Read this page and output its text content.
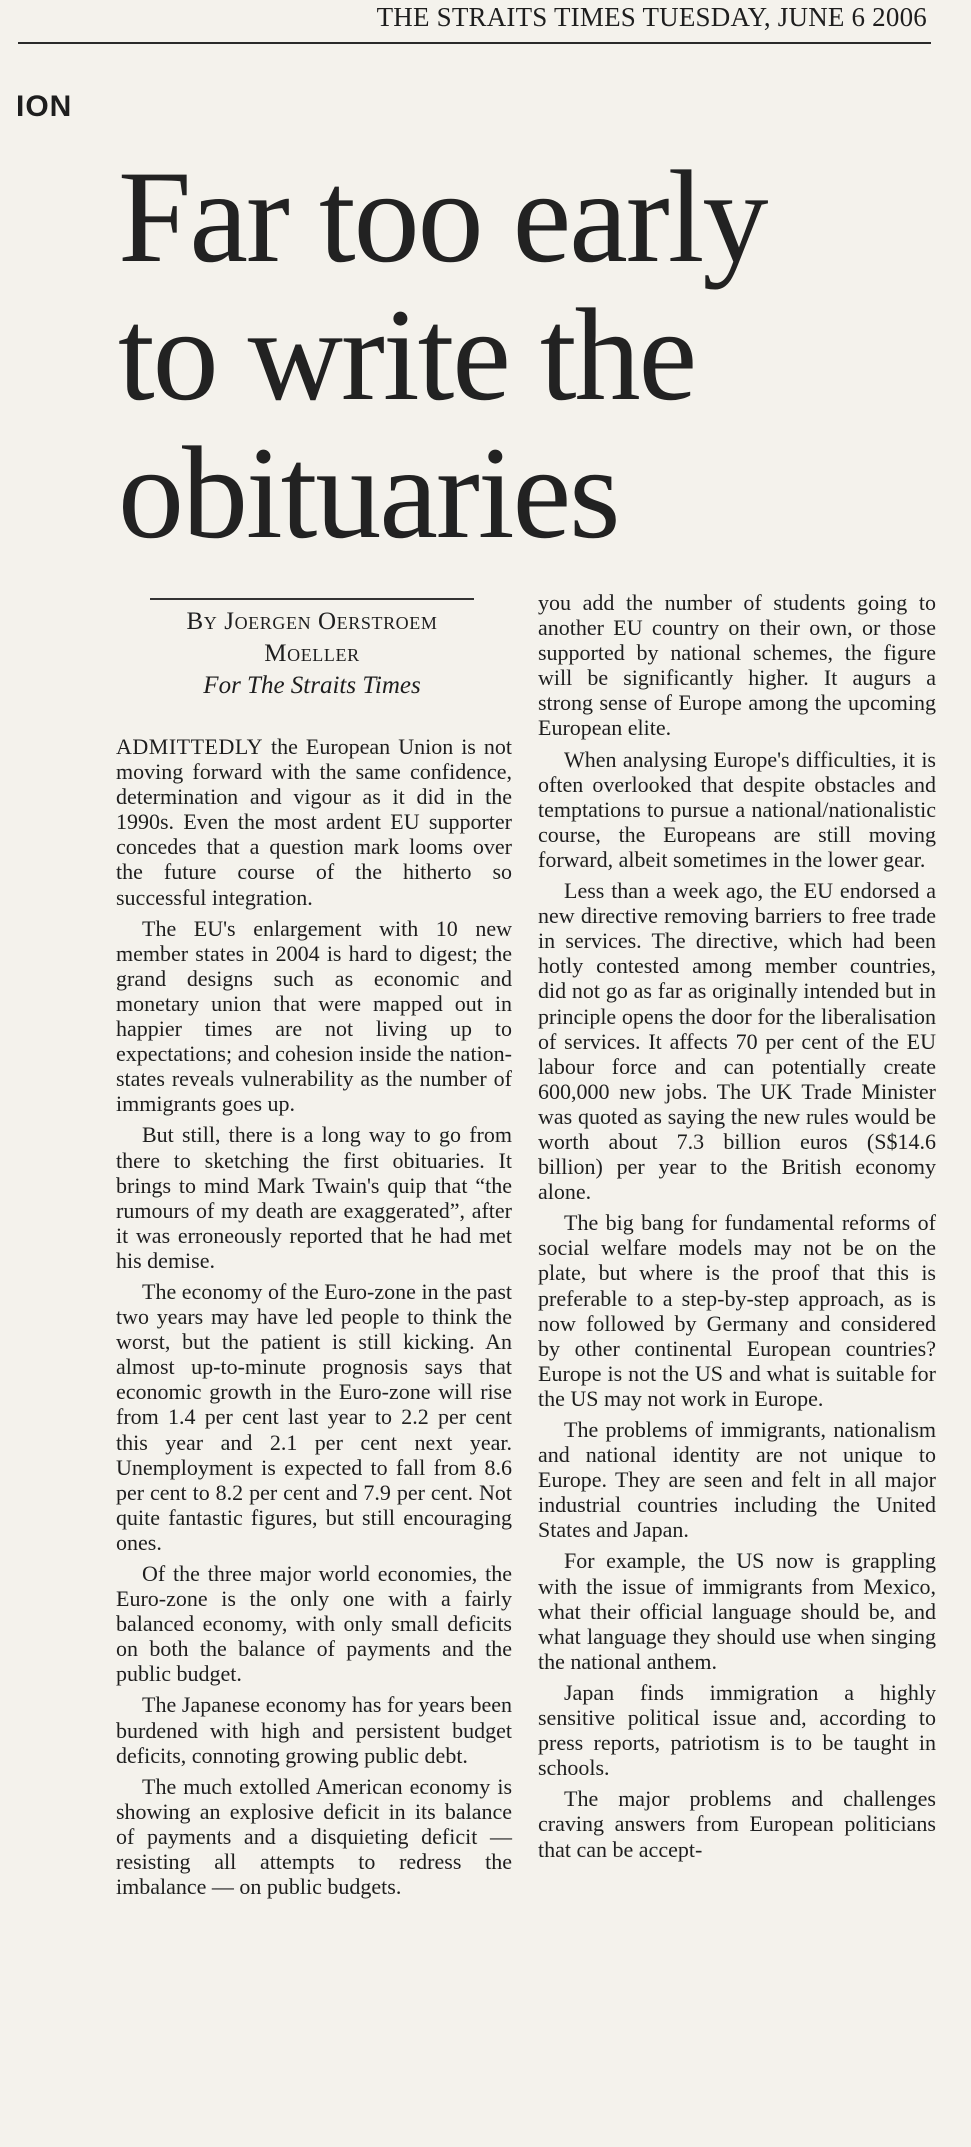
THE STRAITS TIMES TUESDAY, JUNE 6 2006
ION
Far too early
to write the
obituaries
By Joergen Oerstroem
Moeller
For The Straits Times

ADMITTEDLY the European Union is not moving forward with the same confidence, determination and vigour as it did in the 1990s. Even the most ardent EU supporter concedes that a question mark looms over the future course of the hitherto so successful integration.

The EU's enlargement with 10 new member states in 2004 is hard to digest; the grand designs such as economic and monetary union that were mapped out in happier times are not living up to expectations; and cohesion inside the nation-states reveals vulnerability as the number of immigrants goes up.

But still, there is a long way to go from there to sketching the first obituaries. It brings to mind Mark Twain's quip that “the rumours of my death are exaggerated”, after it was erroneously reported that he had met his demise.

The economy of the Euro-zone in the past two years may have led people to think the worst, but the patient is still kicking. An almost up-to-minute prognosis says that economic growth in the Euro-zone will rise from 1.4 per cent last year to 2.2 per cent this year and 2.1 per cent next year. Unemployment is expected to fall from 8.6 per cent to 8.2 per cent and 7.9 per cent. Not quite fantastic figures, but still encouraging ones.

Of the three major world economies, the Euro-zone is the only one with a fairly balanced economy, with only small deficits on both the balance of payments and the public budget.

The Japanese economy has for years been burdened with high and persistent budget deficits, connoting growing public debt.

The much extolled American economy is showing an explosive deficit in its balance of payments and a disquieting deficit — resisting all attempts to redress the imbalance — on public budgets.

you add the number of students going to another EU country on their own, or those supported by national schemes, the figure will be significantly higher. It augurs a strong sense of Europe among the upcoming European elite.

When analysing Europe's difficulties, it is often overlooked that despite obstacles and temptations to pursue a national/nationalistic course, the Europeans are still moving forward, albeit sometimes in the lower gear.

Less than a week ago, the EU endorsed a new directive removing barriers to free trade in services. The directive, which had been hotly contested among member countries, did not go as far as originally intended but in principle opens the door for the liberalisation of services. It affects 70 per cent of the EU labour force and can potentially create 600,000 new jobs. The UK Trade Minister was quoted as saying the new rules would be worth about 7.3 billion euros (S$14.6 billion) per year to the British economy alone.

The big bang for fundamental reforms of social welfare models may not be on the plate, but where is the proof that this is preferable to a step-by-step approach, as is now followed by Germany and considered by other continental European countries? Europe is not the US and what is suitable for the US may not work in Europe.

The problems of immigrants, nationalism and national identity are not unique to Europe. They are seen and felt in all major industrial countries including the United States and Japan.

For example, the US now is grappling with the issue of immigrants from Mexico, what their official language should be, and what language they should use when singing the national anthem.

Japan finds immigration a highly sensitive political issue and, according to press reports, patriotism is to be taught in schools.

The major problems and challenges craving answers from European politicians that can be accept-
